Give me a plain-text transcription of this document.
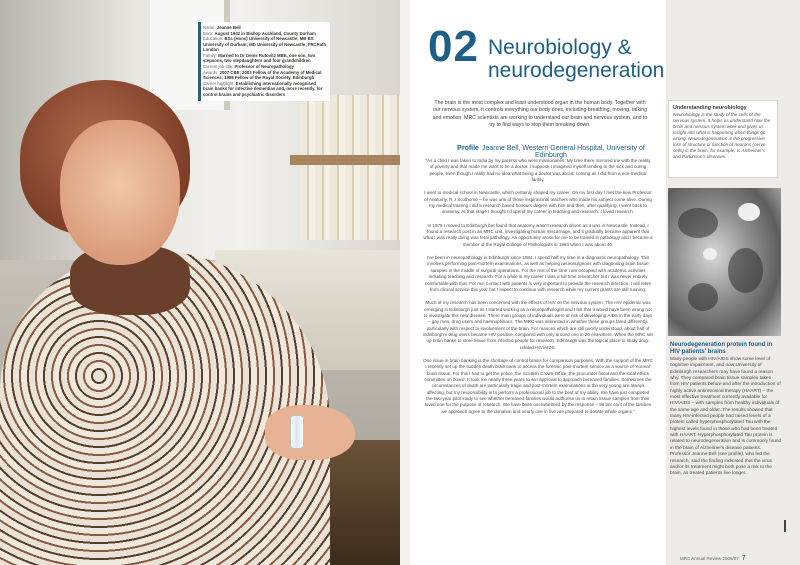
Name: Jeanne Bell
Born: August 1942 in Bishop Auckland, County Durham
Education: BSc (Hons) University of Newcastle; MB BS University of Durham; MD University of Newcastle; FRCPath London
Family: Married to Dr Denis Rutovitz MBE, one son, two stepsons, two stepdaughters and four grandchildren
Current job title: Professor of Neuropathology
Awards: 2007 CBE; 2003 Fellow of the Academy of Medical Sciences; 1988 Fellow of the Royal Society, Edinburgh
Career highlight: Establishing internationally recognised brain banks for infective dementias and, more recently, for control brains and psychiatric disorders
02 Neurobiology & neurodegeneration
The brain is the most complex and least understood organ in the human body. Together with our nervous system, it controls everything our body does, including breathing, moving, talking and emotion. MRC scientists are working to understand our brain and nervous system, and to try to find ways to stop them breaking down.
Profile Jeanne Bell, Western General Hospital, University of Edinburgh

"As a child I was taken to India by my parents who were missionaries. My time there mirrored me with the reality of poverty and that made me want to be a doctor. I suppose I imagined myself tending to the sick and curing people, even though I really had no idea what being a doctor was about, coming as I did from a non-medical family.

I went to medical school in Newcastle, which certainly shaped my career. On my first day I met the new Professor of Anatomy, R J Scothorne – he was one of those inspirational teachers who made his subject come alive. During my medical training I did a research based honours degree with him and then, after qualifying, I went back to anatomy. At that stage I thought I'd spend my career in teaching and research. I loved research.

In 1975 I moved to Edinburgh but found that anatomy wasn't research driven as it was in Newcastle. Instead, I found a research post in an MRC unit, investigating human miscarriage, and it gradually became apparent that what I was really doing was fetal pathology. An opportunity arose for me to be trained in pathology and I became a member of the Royal College of Pathologists in 1983 when I was about 40.

I've been in neuropathology in Edinburgh since 1984. I spend half my time in a diagnostic neuropathology. This involves performing post-mortem examinations, as well as helping neurosurgeons with diagnosing brain tissue samples in the middle of surgical operations. For the rest of the time I am occupied with academic activities including teaching and research. For a while in my career I was a full time researcher but I was never entirely comfortable with that. For me, contact with patients is very important to provide the research direction. I will retire from clinical service this year but I expect to continue with research while my current grants are still running.

Much of my research has been concerned with the effects of HIV on the nervous system. The HIV epidemic was emerging in Edinburgh just as I started working as a neuropathologist and I felt that it would have been wrong not to investigate this new disease. There main groups of individuals were at risk of developing AIDS in the early days – gay men, drug users and haemophiliacs. The MRC was interested in whether these groups fared differently, particularly with respect to involvement of the brain. For reasons which are still poorly understood, about half of Edinburgh's drug users became HIV positive, compared with only around one in 20 elsewhere. When the MRC set up brain banks to store tissue from infected people for research, Edinburgh was the logical place to study drug-related HIV/AIDS.

One issue in brain banking is the shortage of control brains for comparison purposes. With the support of the MRC I recently set up the sudden death brain bank to access the forensic post-mortem service as a source of 'normal' brain tissue. For this I had to get the police, the Scottish Crown Office, the procurator fiscal and the local ethics committee on board. It took me nearly three years to win approval to approach bereaved families. Sometimes the circumstances of death are particularly tragic and post-mortem examinations in the very young are always affecting, but my responsibility is to perform a professional job to the best of my ability. We have just completed the two-year pilot study to see whether bereaved families would authorise us to retain tissue samples from their loved one for the purpose of research. We have been overwhelmed by the response – 96 per cent of the families we approach agree to the donation and nearly one in five are prepared to donate whole organs."

Understanding neurobiology
Neurobiology is the study of the cells of the nervous system. It helps us understand how the brain and nervous system work and gives us insight into what is happening when things go wrong. Neurodegeneration is the progressive loss of structure or function of neurons (nerve cells) in the brain, for example, in Alzheimer's and Parkinson's diseases.
Neurodegeneration protein found in HIV patients' brains
Many people with HIV/AIDS show some level of cognitive impairment, and now University of Edinburgh researchers may have found a reason why. They compared brain tissue samples taken from HIV patients before and after the introduction of highly active antiretroviral therapy (HAART) – the most effective treatment currently available for HIV/AIDS – with samples from healthy individuals of the same age and older. The results showed that many HIV-infected people had raised levels of a protein called hyperphosphorylated Tau with the highest levels found in those who had been treated with HAART. Hyperphosphorylated Tau protein is related to neurodegeneration and is commonly found in the brain of Alzheimer's disease patients. Professor Jeanne Bell (see profile), who led the research, said the finding indicated that the virus and/or its treatment might both pose a risk to the brain, as treated patients live longer.
MRC Annual Review 2006/07 7
